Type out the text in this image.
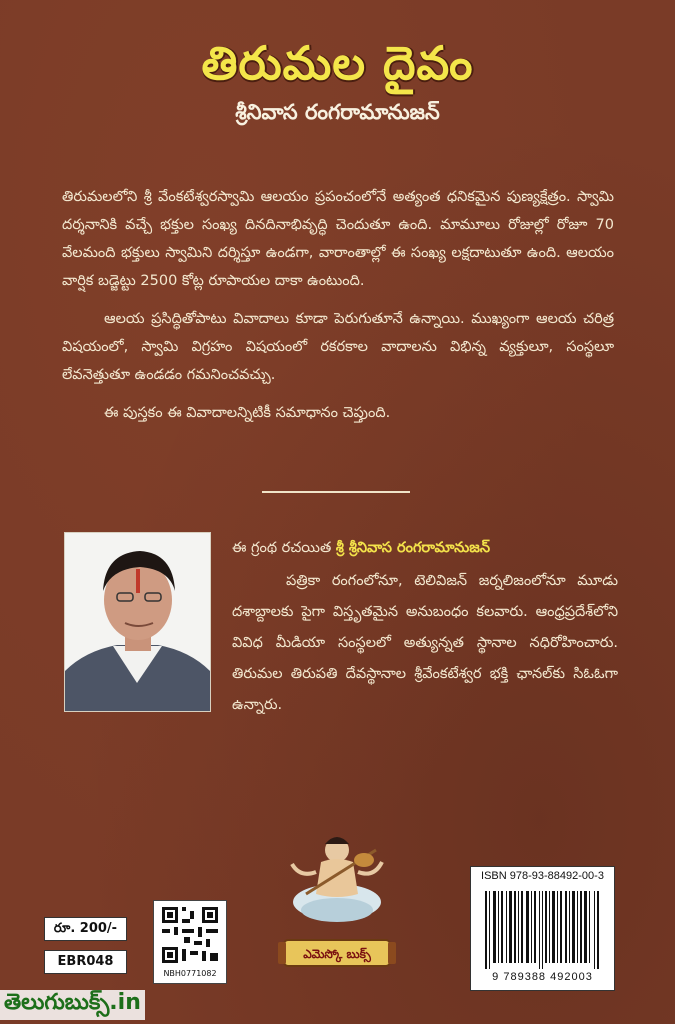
తిరుమల దైవం
శ్రీనివాస రంగరామానుజన్

తిరుమలలోని శ్రీ వేంకటేశ్వరస్వామి ఆలయం ప్రపంచంలోనే అత్యంత ధనికమైన పుణ్యక్షేత్రం. స్వామి దర్శనానికి వచ్చే భక్తుల సంఖ్య దినదినాభివృద్ధి చెందుతూ ఉంది. మామూలు రోజుల్లో రోజూ 70 వేలమంది భక్తులు స్వామిని దర్శిస్తూ ఉండగా, వారాంతాల్లో ఈ సంఖ్య లక్షదాటుతూ ఉంది. ఆలయం వార్షిక బడ్జెట్టు 2500 కోట్ల రూపాయల దాకా ఉంటుంది.

ఆలయ ప్రసిద్ధితోపాటు వివాదాలు కూడా పెరుగుతూనే ఉన్నాయి. ముఖ్యంగా ఆలయ చరిత్ర విషయంలో, స్వామి విగ్రహం విషయంలో రకరకాల వాదాలను విభిన్న వ్యక్తులూ, సంస్థలూ లేవనెత్తుతూ ఉండడం గమనించవచ్చు.

ఈ పుస్తకం ఈ వివాదాలన్నిటికీ సమాధానం చెప్తుంది.

ఈ గ్రంథ రచయిత శ్రీ శ్రీనివాస రంగరామానుజన్
పత్రికా రంగంలోనూ, టెలివిజన్ జర్నలిజంలోనూ మూడు దశాబ్దాలకు పైగా విస్తృతమైన అనుబంధం కలవారు. ఆంధ్రప్రదేశ్‌లోని వివిధ మీడియా సంస్థలలో అత్యున్నత స్థానాల నధిరోహించారు. తిరుమల తిరుపతి దేవస్థానాల శ్రీవేంకటేశ్వర భక్తి ఛానల్‌కు సిఓఓగా ఉన్నారు.
ఎమెస్కో బుక్స్
రూ. 200/-
EBR048
NBH0771082
ISBN 978-93-88492-00-3
9 789388 492003
తెలుగుబుక్స్.in
